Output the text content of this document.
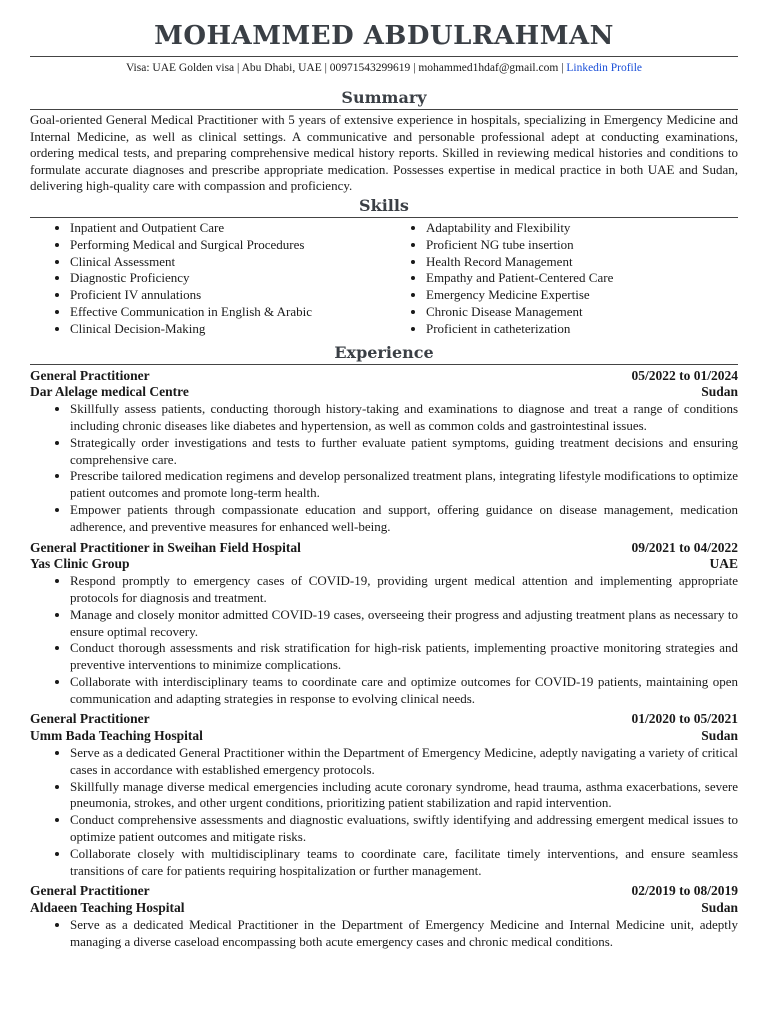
MOHAMMED ABDULRAHMAN
Visa: UAE Golden visa | Abu Dhabi, UAE | 00971543299619 | mohammed1hdaf@gmail.com | Linkedin Profile
Summary

Goal-oriented General Medical Practitioner with 5 years of extensive experience in hospitals, specializing in Emergency Medicine and Internal Medicine, as well as clinical settings. A communicative and personable professional adept at conducting examinations, ordering medical tests, and preparing comprehensive medical history reports. Skilled in reviewing medical histories and conditions to formulate accurate diagnoses and prescribe appropriate medication. Possesses expertise in medical practice in both UAE and Sudan, delivering high-quality care with compassion and proficiency.

Skills
• Inpatient and Outpatient Care
• Performing Medical and Surgical Procedures
• Clinical Assessment
• Diagnostic Proficiency
• Proficient IV annulations
• Effective Communication in English & Arabic
• Clinical Decision-Making
• Adaptability and Flexibility
• Proficient NG tube insertion
• Health Record Management
• Empathy and Patient-Centered Care
• Emergency Medicine Expertise
• Chronic Disease Management
• Proficient in catheterization
Experience
General Practitioner	05/2022 to 01/2024
Dar Alelage medical Centre	Sudan
• Skillfully assess patients, conducting thorough history-taking and examinations to diagnose and treat a range of conditions including chronic diseases like diabetes and hypertension, as well as common colds and gastrointestinal issues.
• Strategically order investigations and tests to further evaluate patient symptoms, guiding treatment decisions and ensuring comprehensive care.
• Prescribe tailored medication regimens and develop personalized treatment plans, integrating lifestyle modifications to optimize patient outcomes and promote long-term health.
• Empower patients through compassionate education and support, offering guidance on disease management, medication adherence, and preventive measures for enhanced well-being.
General Practitioner in Sweihan Field Hospital	09/2021 to 04/2022
Yas Clinic Group	UAE
• Respond promptly to emergency cases of COVID-19, providing urgent medical attention and implementing appropriate protocols for diagnosis and treatment.
• Manage and closely monitor admitted COVID-19 cases, overseeing their progress and adjusting treatment plans as necessary to ensure optimal recovery.
• Conduct thorough assessments and risk stratification for high-risk patients, implementing proactive monitoring strategies and preventive interventions to minimize complications.
• Collaborate with interdisciplinary teams to coordinate care and optimize outcomes for COVID-19 patients, maintaining open communication and adapting strategies in response to evolving clinical needs.
General Practitioner	01/2020 to 05/2021
Umm Bada Teaching Hospital	Sudan
• Serve as a dedicated General Practitioner within the Department of Emergency Medicine, adeptly navigating a variety of critical cases in accordance with established emergency protocols.
• Skillfully manage diverse medical emergencies including acute coronary syndrome, head trauma, asthma exacerbations, severe pneumonia, strokes, and other urgent conditions, prioritizing patient stabilization and rapid intervention.
• Conduct comprehensive assessments and diagnostic evaluations, swiftly identifying and addressing emergent medical issues to optimize patient outcomes and mitigate risks.
• Collaborate closely with multidisciplinary teams to coordinate care, facilitate timely interventions, and ensure seamless transitions of care for patients requiring hospitalization or further management.
General Practitioner	02/2019 to 08/2019
Aldaeen Teaching Hospital	Sudan
• Serve as a dedicated Medical Practitioner in the Department of Emergency Medicine and Internal Medicine unit, adeptly managing a diverse caseload encompassing both acute emergency cases and chronic medical conditions.
